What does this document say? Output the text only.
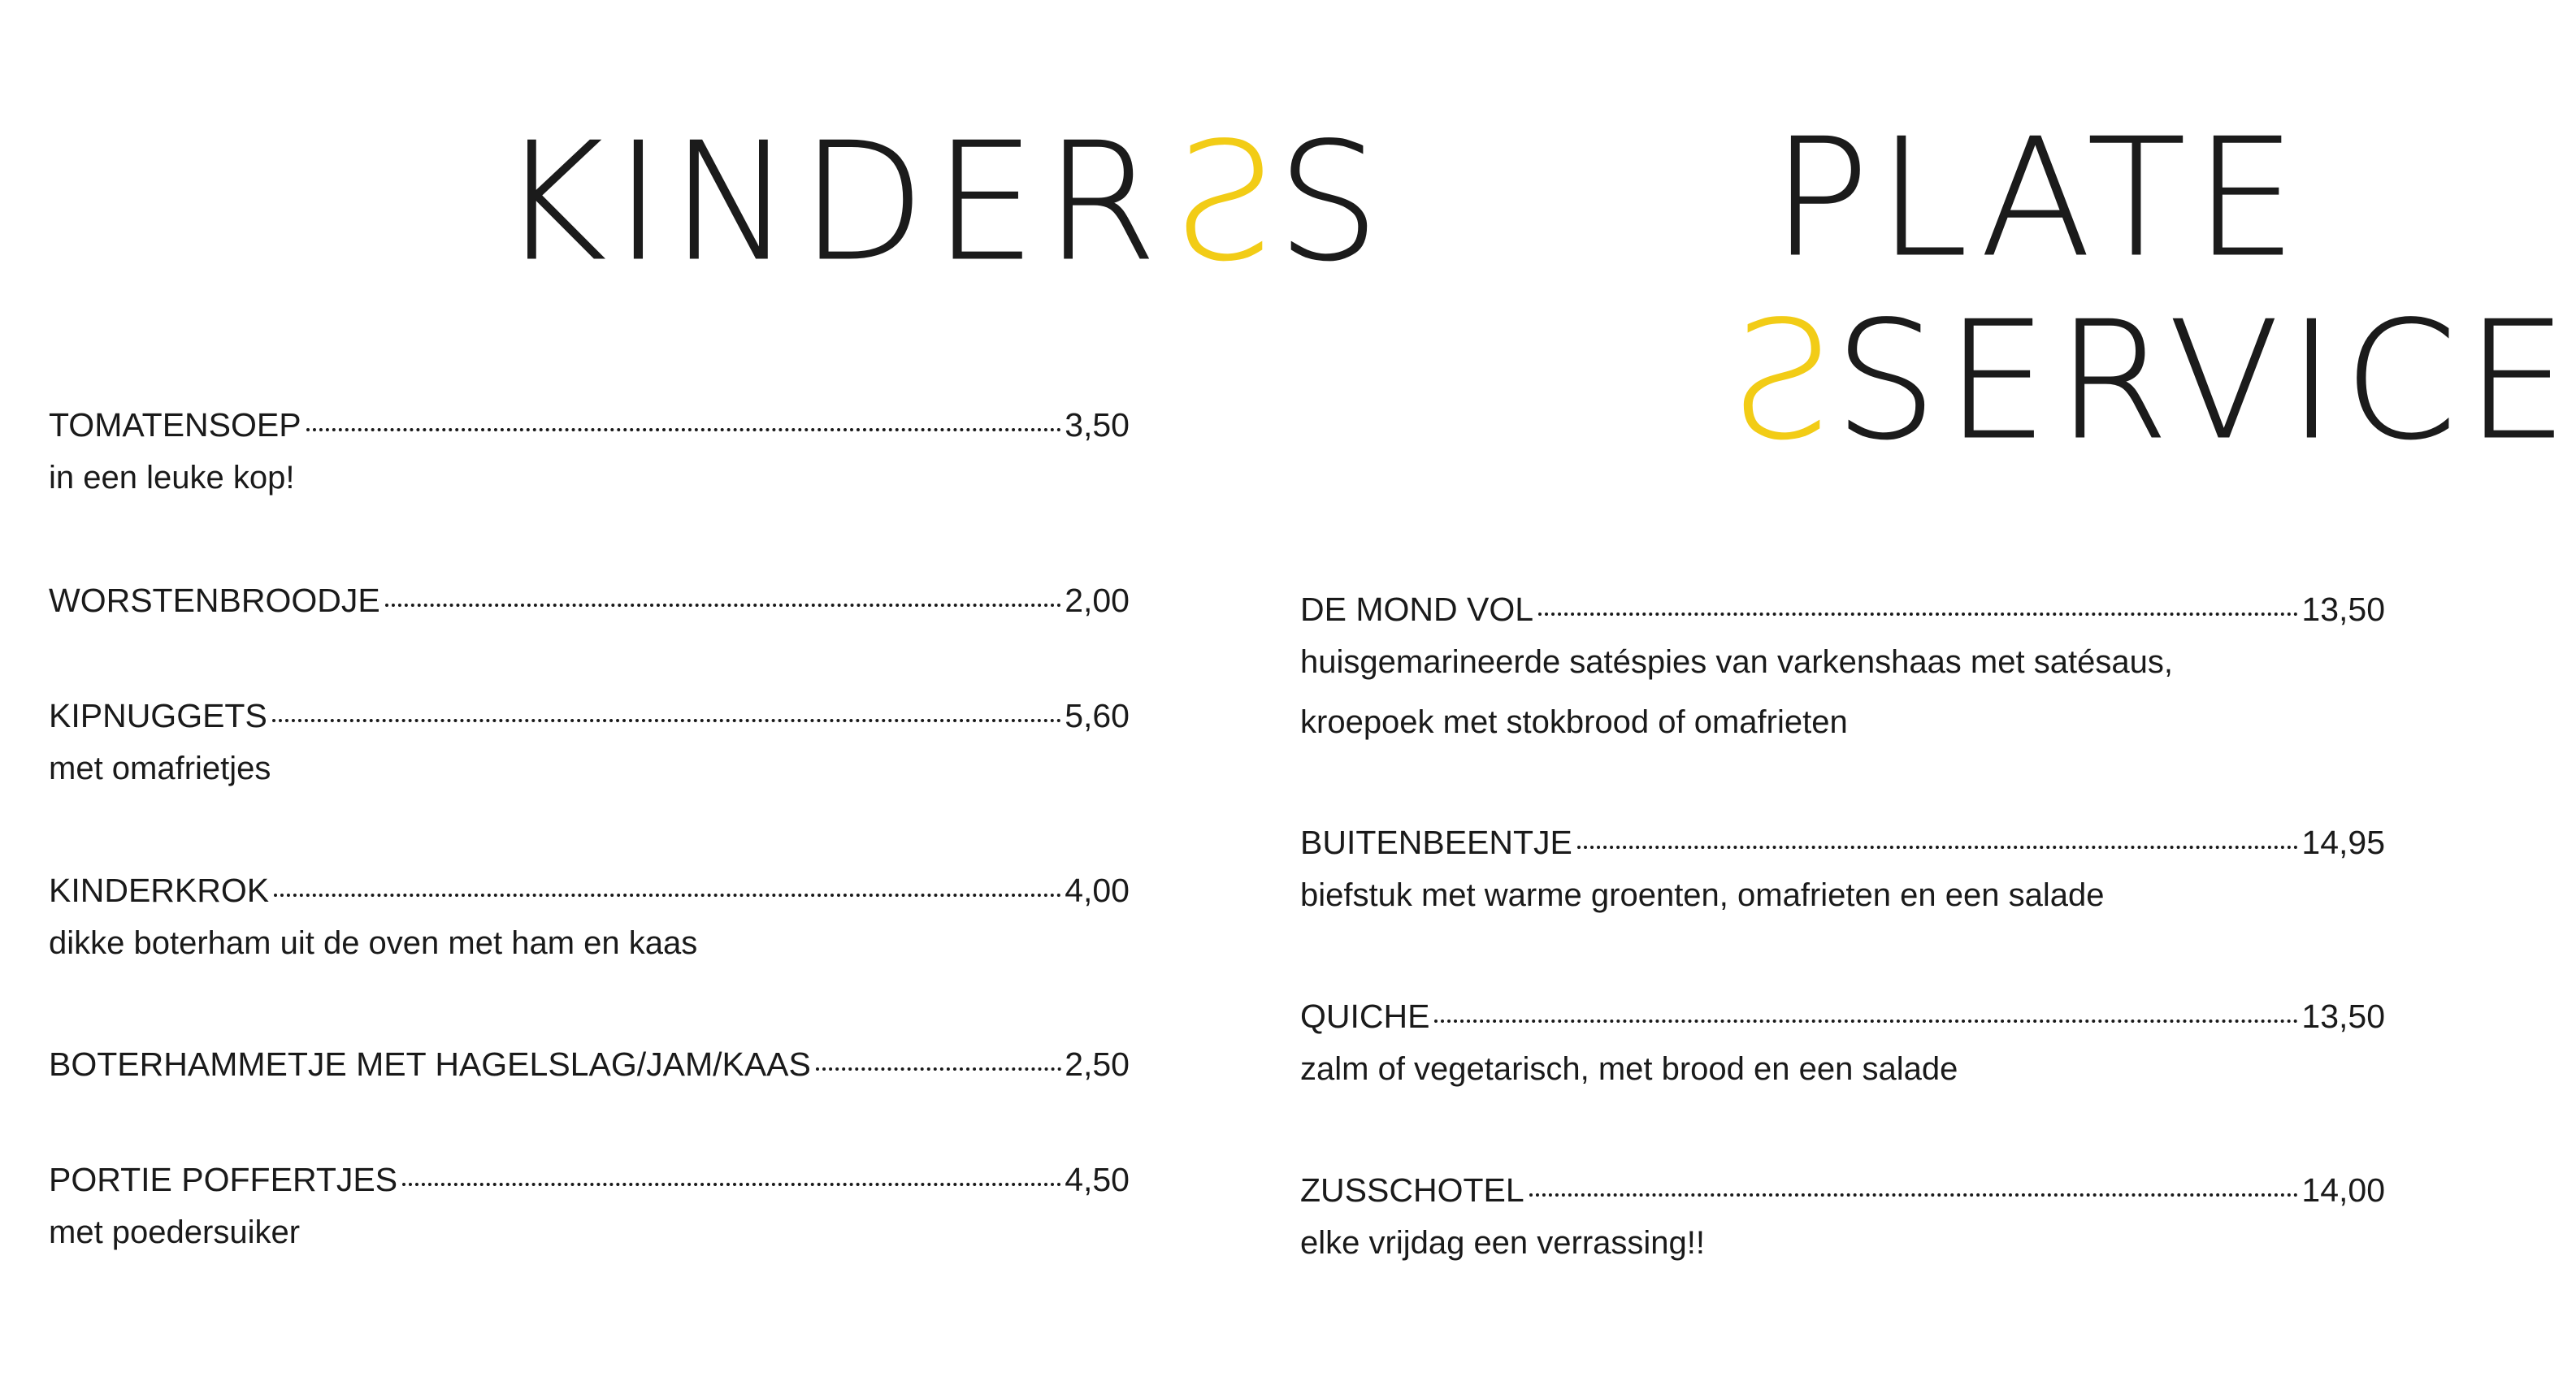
KINDERSS PLATE
SSERVICE
TOMATENSOEP	3,50
in een leuke kop!
WORSTENBROODJE	2,00
KIPNUGGETS	5,60
met omafrietjes
KINDERKROK	4,00
dikke boterham uit de oven met ham en kaas
BOTERHAMMETJE MET HAGELSLAG/JAM/KAAS	2,50
PORTIE POFFERTJES	4,50
met poedersuiker
DE MOND VOL	13,50
huisgemarineerde satéspies van varkenshaas met satésaus,
kroepoek met stokbrood of omafrieten
BUITENBEENTJE	14,95
biefstuk met warme groenten, omafrieten en een salade
QUICHE	13,50
zalm of vegetarisch, met brood en een salade
ZUSSCHOTEL	14,00
elke vrijdag een verrassing!!
